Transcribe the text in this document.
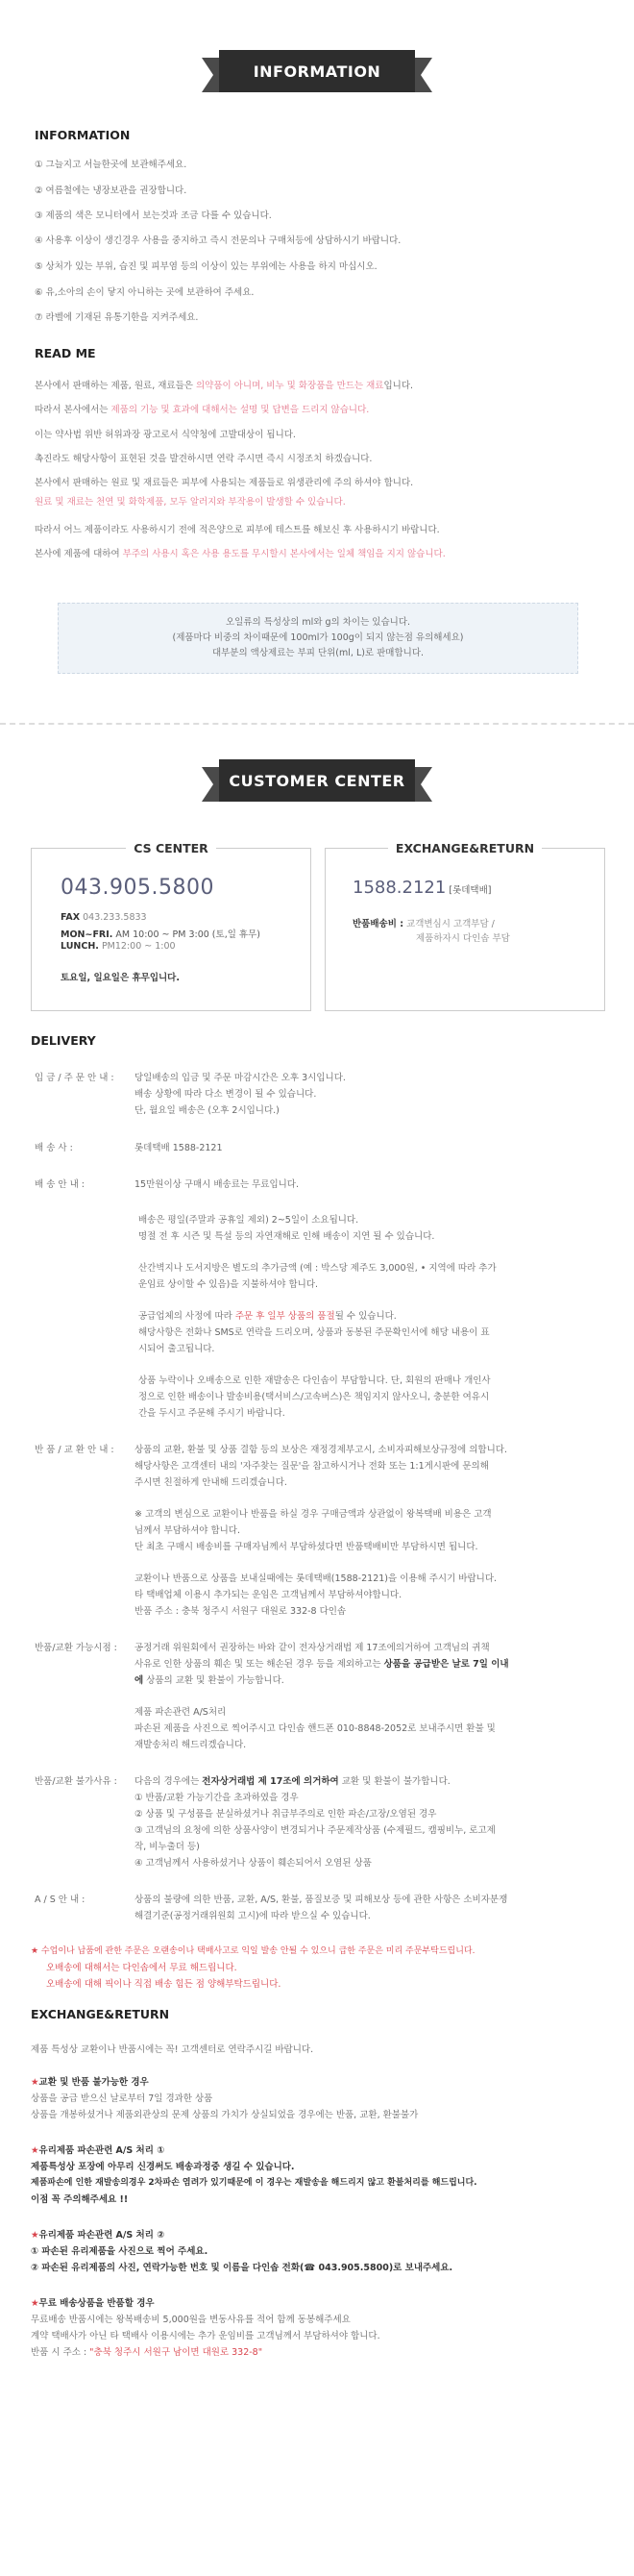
INFORMATION
INFORMATION
① 그늘지고 서늘한곳에 보관해주세요.
② 여름철에는 냉장보관을 권장합니다.
③ 제품의 색은 모니터에서 보는것과 조금 다를 수 있습니다.
④ 사용후 이상이 생긴경우 사용을 중지하고 즉시 전문의나 구매처등에 상담하시기 바랍니다.
⑤ 상처가 있는 부위, 습진 및 피부염 등의 이상이 있는 부위에는 사용을 하지 마십시오.
⑥ 유,소아의 손이 닿지 아니하는 곳에 보관하여 주세요.
⑦ 라벨에 기재된 유통기한을 지켜주세요.
READ ME
본사에서 판매하는 제품, 원료, 재료들은 의약품이 아니며, 비누 및 화장품을 만드는 재료입니다.
따라서 본사에서는 제품의 기능 및 효과에 대해서는 설명 및 답변을 드리지 않습니다.
이는 약사법 위반 허위과장 광고로서 식약청에 고발대상이 됩니다.
촉진라도 해당사항이 표현된 것을 발견하시면 연락 주시면 즉시 시정조치 하겠습니다.
본사에서 판매하는 원료 및 재료들은 피부에 사용되는 제품들로 위생관리에 주의 하셔야 합니다.
원료 및 재료는 천연 및 화학제품, 모두 알러지와 부작용이 발생할 수 있습니다.
따라서 어느 제품이라도 사용하시기 전에 적은양으로 피부에 테스트를 해보신 후 사용하시기 바랍니다.
본사에 제품에 대하여 부주의 사용시 혹은 사용 용도를 무시할시 본사에서는 일체 책임을 지지 않습니다.
오일류의 특성상의 ml와 g의 차이는 있습니다.
(제품마다 비중의 차이때문에 100ml가 100g이 되지 않는점 유의해세요)
대부분의 액상제료는 부피 단위(ml, L)로 판매합니다.
CUSTOMER CENTER
CS CENTER
043.905.5800
FAX 043.233.5833
MON~FRI. AM 10:00 ~ PM 3:00 (토,일 휴무)
LUNCH. PM12:00 ~ 1:00
토요일, 일요일은 휴무입니다.
EXCHANGE&RETURN
1588.2121 [롯데택배]
반품배송비 : 교객변심시 고객부담 /
제품하자시 다인솝 부담
DELIVERY
입 금 / 주 문 안 내 : 당일배송의 입금 및 주문 마감시간은 오후 3시입니다.
배송 상황에 따라 다소 변경이 될 수 있습니다.
단, 월요일 배송은 (오후 2시입니다.)
배 송 사 :	롯데택배 1588-2121
배 송 안 내 :	15만원이상 구매시 배송료는 무료입니다.
배송은 평일(주말과 공휴일 제외) 2~5일이 소요됩니다.
명절 전 후 시즌 및 특설 등의 자연재해로 인해 배송이 지연 될 수 있습니다.
산간벽지나 도서지방은 별도의 추가금액 (예 : 박스당 제주도 3,000원, • 지역에 따라 추가
운임료 상이할 수 있음)을 지불하셔야 합니다.
공급업체의 사정에 따라 주문 후 일부 상품의 품절될 수 있습니다.
해당사항은 전화나 SMS로 연락을 드리오며, 상품과 동봉된 주문확인서에 해당 내용이 표
시되어 출고됩니다.
상품 누락이나 오배송으로 인한 재발송은 다인솝이 부담합니다. 단, 회원의 판매나 개인사
정으로 인한 배송이나 발송비용(택서비스/고속버스)은 책임지지 않사오니, 충분한 여유시
간을 두시고 주문해 주시기 바랍니다.
반 품 / 교 환 안 내 : 상품의 교환, 환불 및 상품 결함 등의 보상은 재정경제부고시, 소비자피해보상규정에 의합니다.
해당사항은 고객센터 내의 '자주찾는 질문'을 참고하시거나 전화 또는 1:1게시판에 문의해
주시면 친절하게 안내해 드리겠습니다.
※ 고객의 변심으로 교환이나 반품을 하실 경우 구매금액과 상관없이 왕복택배 비용은 고객
님께서 부담하셔야 합니다.
단 최초 구매시 배송비를 구매자님께서 부담하셨다면 반품택배비만 부담하시면 됩니다.
교환이나 반품으로 상품을 보내실때에는 롯데택배(1588-2121)을 이용해 주시기 바랍니다.
타 택배업체 이용시 추가되는 운임은 고객님께서 부담하셔야합니다.
반품 주소 : 충북 청주시 서원구 대원로 332-8 다인솝
반품/교환 가능시점 : 공정거래 위원회에서 권장하는 바와 같이 전자상거래법 제 17조에의거하여 고객님의 귀책
사유로 인한 상품의 훼손 및 또는 해손된 경우 등을 제외하고는 상품을 공급받은 날로 7일 이내
에 상품의 교환 및 환불이 가능합니다.
제품 파손관련 A/S처리
파손된 제품을 사진으로 찍어주시고 다인솝 핸드폰 010-8848-2052로 보내주시면 환불 및
재발송처리 해드리겠습니다.
반품/교환 불가사유 : 다음의 경우에는 전자상거래법 제 17조에 의거하여 교환 및 환불이 불가합니다.
① 반품/교환 가능기간을 초과하였을 경우
② 상품 및 구성품을 분실하셨거나 취급부주의로 인한 파손/고장/오염된 경우
③ 고객님의 요청에 의한 상품사양이 변경되거나 주문제작상품 (수제필드, 캠핑비누, 로고제
작, 비누출더 등)
④ 고객님께서 사용하셨거나 상품이 훼손되어서 오염된 상품
A / S 안 내 :	상품의 불량에 의한 반품, 교환, A/S, 환불, 품질보증 및 피해보상 등에 관한 사항은 소비자분쟁
해결기준(공정거래위원회 고시)에 따라 받으실 수 있습니다.
★ 수업이나 납품에 관한 주문은 오랜송이나 택배사고로 익일 발송 안될 수 있으니 급한 주문은 미리 주문부탁드립니다.
오배송에 대해서는 다인솝에서 무료 해드립니다.
오배송에 대해 픽이나 직접 배송 힘든 점 양해부탁드립니다.
EXCHANGE&RETURN
제품 특성상 교환이나 반품시에는 꼭! 고객센터로 연락주시길 바랍니다.
★교환 및 반품 불가능한 경우
상품을 공급 받으신 날로부터 7일 경과한 상품
상품을 개봉하셨거나 제품외관상의 문제 상품의 가치가 상실되었을 경우에는 반품, 교환, 환불불가
★유리제품 파손관련 A/S 처리 ①
제품특성상 포장에 아무리 신경써도 배송과정중 생길 수 있습니다.
제품파손에 인한 재발송의경우 2차파손 염려가 있기때문에 이 경우는 재발송을 해드리지 않고 환불처리를 해드립니다.
이점 꼭 주의해주세요 !!
★유리제품 파손관련 A/S 처리 ②
① 파손된 유리제품을 사진으로 찍어 주세요.
② 파손된 유리제품의 사진, 연락가능한 번호 및 이름을 다인솝 전화(☎ 043.905.5800)로 보내주세요.
★무료 배송상품을 반품할 경우
무료배송 반품시에는 왕복배송비 5,000원을 변동사유를 적어 함께 동봉해주세요
계약 택배사가 아닌 타 택배사 이용시에는 추가 운임비를 고객님께서 부담하셔야 합니다.
반품 시 주소 : "충북 청주시 서원구 남이면 대원로 332-8"
